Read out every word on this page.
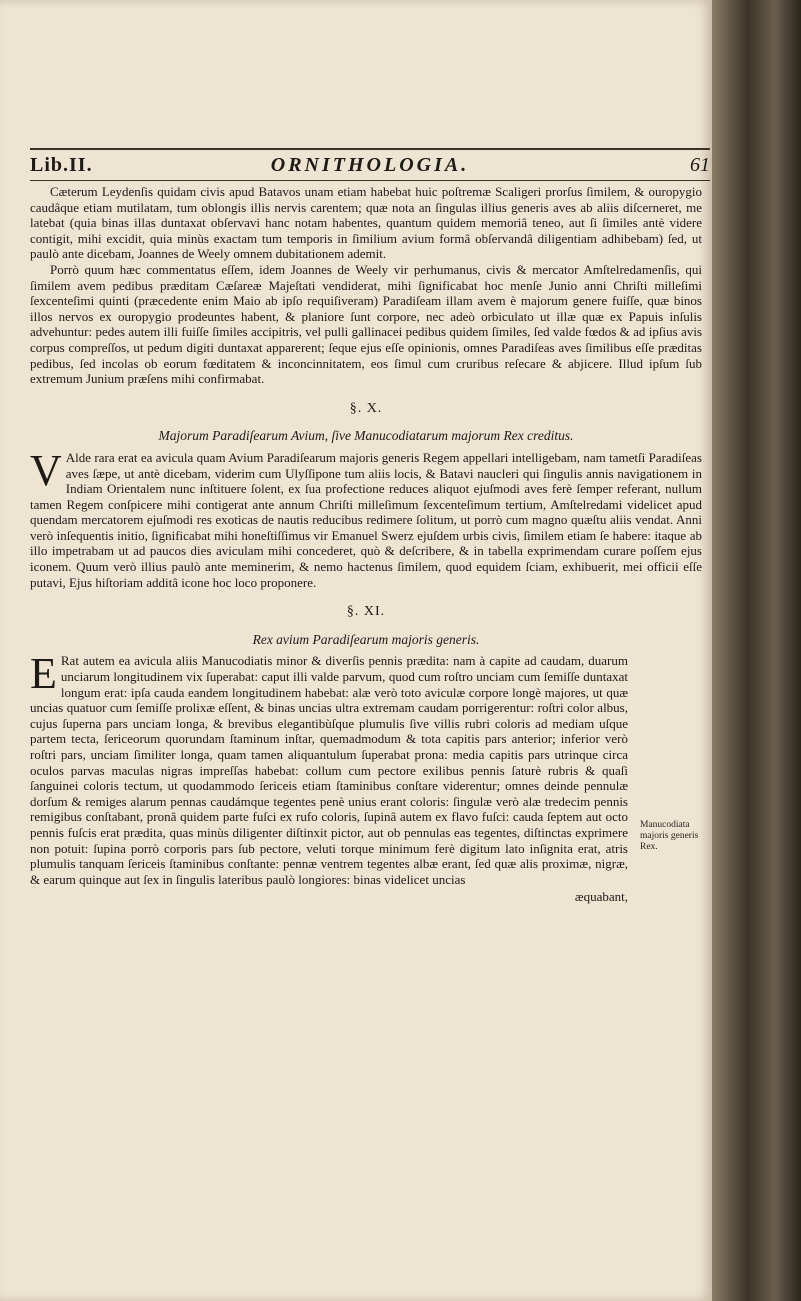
Lib.II.	ORNITHOLOGIA.	61

Cæterum Leydenſis quidam civis apud Batavos unam etiam habebat huic poſtremæ Scaligeri prorſus ſimilem, & ouropygio caudâque etiam mutilatam, tum oblongis illis nervis carentem; quæ nota an ſingulas illius generis aves ab aliis diſcerneret, me latebat (quia binas illas duntaxat obſervavi hanc notam habentes, quantum quidem memoriâ teneo, aut ſi ſimiles antè videre contigit, mihi excidit, quia minùs exactam tum temporis in ſimilium avium formâ obſervandâ diligentiam adhibebam) ſed, ut paulò ante dicebam, Joannes de Weely omnem dubitationem ademit.

Porrò quum hæc commentatus eſſem, idem Joannes de Weely vir perhumanus, civis & mercator Amſtelredamenſis, qui ſimilem avem pedibus præditam Cæſareæ Majeſtati vendiderat, mihi ſignificabat hoc menſe Junio anni Chriſti milleſimi ſexcenteſimi quinti (præcedente enim Maio ab ipſo requiſiveram) Paradiſeam illam avem è majorum genere fuiſſe, quæ binos illos nervos ex ouropygio prodeuntes habent, & planiore ſunt corpore, nec adeò orbiculato ut illæ quæ ex Papuis inſulis advehuntur: pedes autem illi fuiſſe ſimiles accipitris, vel pulli gallinacei pedibus quidem ſimiles, ſed valde fœdos & ad ipſius avis corpus compreſſos, ut pedum digiti duntaxat apparerent; ſeque ejus eſſe opinionis, omnes Paradiſeas aves ſimilibus eſſe præditas pedibus, ſed incolas ob eorum fœditatem & inconcinnitatem, eos ſimul cum cruribus reſecare & abjicere. Illud ipſum ſub extremum Junium præſens mihi confirmabat.

§. X.
Majorum Paradiſearum Avium, ſive Manucodiatarum majorum Rex creditus.

V Alde rara erat ea avicula quam Avium Paradiſearum majoris generis Regem appellari intelligebam, nam tametſi Paradiſeas aves ſæpe, ut antè dicebam, viderim cum Ulyſſipone tum aliis locis, & Batavi naucleri qui ſingulis annis navigationem in Indiam Orientalem nunc inſtituere ſolent, ex ſua profectione reduces aliquot ejuſmodi aves ferè ſemper referant, nullum tamen Regem conſpicere mihi contigerat ante annum Chriſti milleſimum ſexcenteſimum tertium, Amſtelredami videlicet apud quendam mercatorem ejuſmodi res exoticas de nautis reducibus redimere ſolitum, ut porrò cum magno quæſtu aliis vendat. Anni verò inſequentis initio, ſignificabat mihi honeſtiſſimus vir Emanuel Swerz ejuſdem urbis civis, ſimilem etiam ſe habere: itaque ab illo impetrabam ut ad paucos dies aviculam mihi concederet, quò & deſcribere, & in tabella exprimendam curare poſſem ejus iconem. Quum verò illius paulò ante meminerim, & nemo hactenus ſimilem, quod equidem ſciam, exhibuerit, mei officii eſſe putavi, Ejus hiſtoriam additâ icone hoc loco proponere.

§. XI.
Rex avium Paradiſearum majoris generis.

E Rat autem ea avicula aliis Manucodiatis minor & diverſis pennis prædita: nam à capite ad caudam, duarum unciarum longitudinem vix ſuperabat: caput illi valde parvum, quod cum roſtro unciam cum ſemiſſe duntaxat longum erat: ipſa cauda eandem longitudinem habebat: alæ verò toto aviculæ corpore longè majores, ut quæ uncias quatuor cum ſemiſſe prolixæ eſſent, & binas uncias ultra extremam caudam porrigerentur: roſtri color albus, cujus ſuperna pars unciam longa, & brevibus elegantibùſque plumulis ſive villis rubri coloris ad mediam uſque partem tecta, ſericeorum quorundam ſtaminum inſtar, quemadmodum & tota capitis pars anterior; inferior verò roſtri pars, unciam ſimiliter longa, quam tamen aliquantulum ſuperabat prona: media capitis pars utrinque circa oculos parvas maculas nigras impreſſas habebat: collum cum pectore exilibus pennis ſaturè rubris & quaſi ſanguinei coloris tectum, ut quodammodo ſericeis etiam ſtaminibus conſtare viderentur; omnes deinde pennulæ dorſum & remiges alarum pennas caudámque tegentes penè unius erant coloris: ſingulæ verò alæ tredecim pennis remigibus conſtabant, pronâ quidem parte fuſci ex rufo coloris, ſupinâ autem ex flavo fuſci: cauda ſeptem aut octo pennis fuſcis erat prædita, quas minùs diligenter diſtinxit pictor, aut ob pennulas eas tegentes, diſtinctas exprimere non potuit: ſupina porrò corporis pars ſub pectore, veluti torque minimum ferè digitum lato inſignita erat, atris plumulis tanquam ſericeis ſtaminibus conſtante: pennæ ventrem tegentes albæ erant, ſed quæ alis proximæ, nigræ, & earum quinque aut ſex in ſingulis lateribus paulò longiores: binas videlicet uncias

æquabant,
Manucodiata majoris generis Rex.
